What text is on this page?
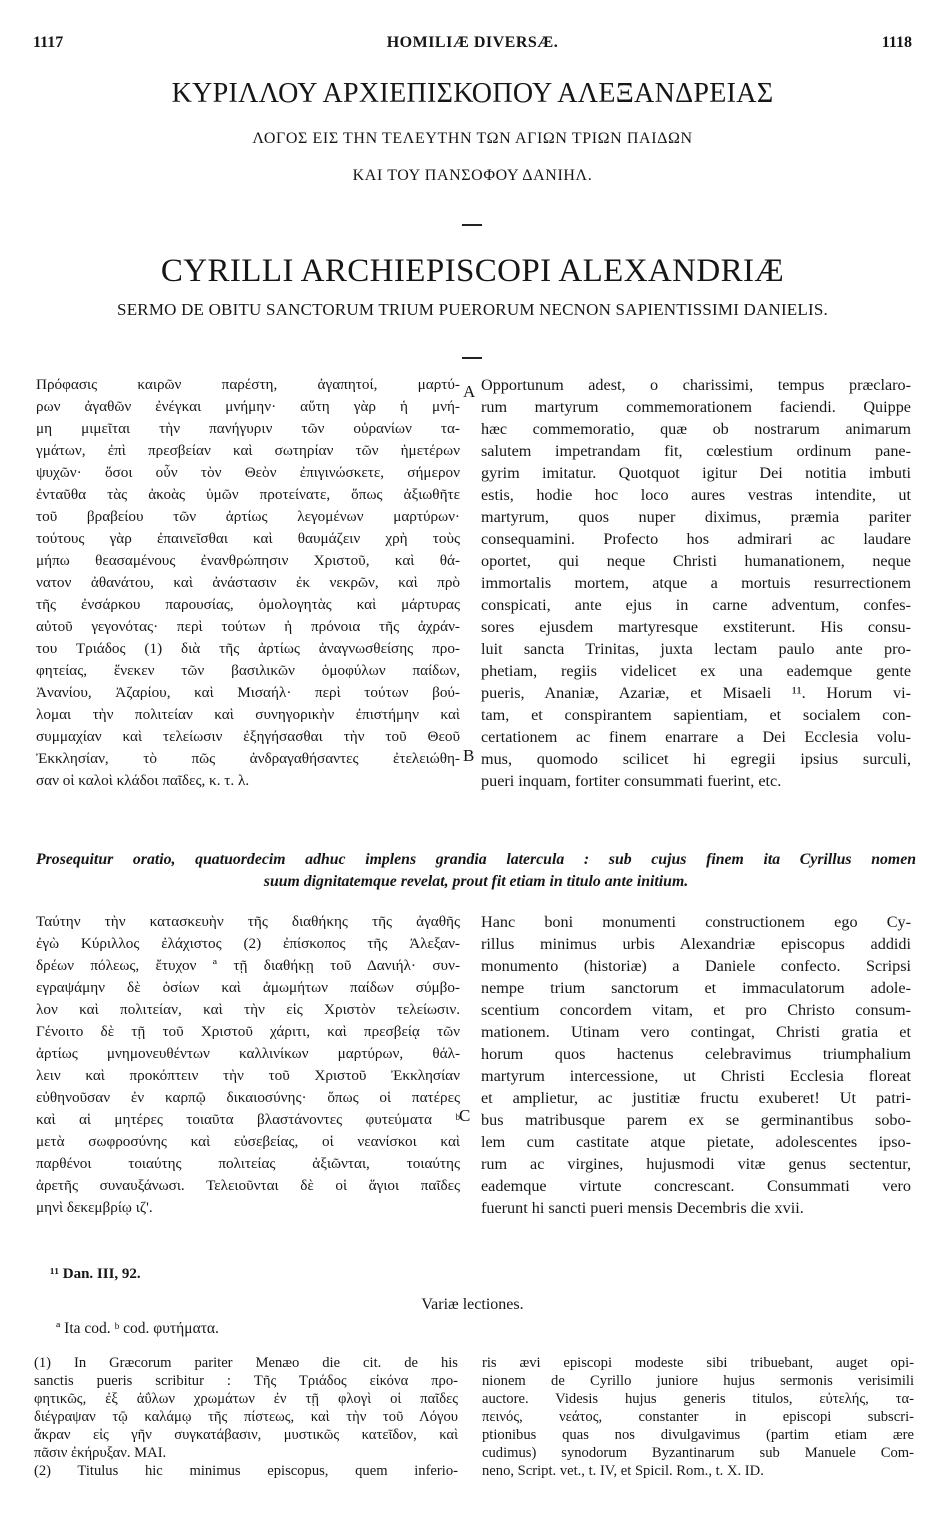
1117	HOMILIÆ DIVERSÆ.	1118
ΚΥΡΙΛΛΟΥ ΑΡΧΙΕΠΙΣΚΟΠΟΥ ΑΛΕΞΑΝΔΡΕΙΑΣ
ΛΟΓΟΣ ΕΙΣ ΤΗΝ ΤΕΛΕΥΤΗΝ ΤΩΝ ΑΓΙΩΝ ΤΡΙΩΝ ΠΑΙΔΩΝ
ΚΑΙ ΤΟΥ ΠΑΝΣΟΦΟΥ ΔΑΝΙΗΛ.
CYRILLI ARCHIEPISCOPI ALEXANDRIÆ
SERMO DE OBITU SANCTORUM TRIUM PUERORUM NECNON SAPIENTISSIMI DANIELIS.
Πρόφασις καιρῶν παρέστη, ἀγαπητοί, μαρτύ-
ρων ἀγαθῶν ἐνέγκαι μνήμην· αὕτη γὰρ ἡ μνή-
μη μιμεῖται τὴν πανήγυριν τῶν οὐρανίων τα-
γμάτων, ἐπὶ πρεσβείαν καὶ σωτηρίαν τῶν ἡμετέρων
ψυχῶν· ὅσοι οὖν τὸν Θεὸν ἐπιγινώσκετε, σήμερον
ἐνταῦθα τὰς ἀκοὰς ὑμῶν προτείνατε, ὅπως ἀξιωθῆτε
τοῦ βραβείου τῶν ἀρτίως λεγομένων μαρτύρων·
τούτους γὰρ ἐπαινεῖσθαι καὶ θαυμάζειν χρὴ τοὺς
μήπω θεασαμένους ἐνανθρώπησιν Χριστοῦ, καὶ θά-
νατον ἀθανάτου, καὶ ἀνάστασιν ἐκ νεκρῶν, καὶ πρὸ
τῆς ἐνσάρκου παρουσίας, ὁμολογητὰς καὶ μάρτυρας
αὐτοῦ γεγονότας· περὶ τούτων ἡ πρόνοια τῆς ἀχράν-
του Τριάδος (1) διὰ τῆς ἀρτίως ἀναγνωσθείσης προ-
φητείας, ἕνεκεν τῶν βασιλικῶν ὁμοφύλων παίδων,
Ἀνανίου, Ἀζαρίου, καὶ Μισαήλ· περὶ τούτων βού-
λομαι τὴν πολιτείαν καὶ συνηγορικὴν ἐπιστήμην καὶ
συμμαχίαν καὶ τελείωσιν ἐξηγήσασθαι τὴν τοῦ Θεοῦ
Ἐκκλησίαν, τὸ πῶς ἀνδραγαθήσαντες ἐτελειώθη-
σαν οἱ καλοὶ κλάδοι παῖδες, κ. τ. λ.
Opportunum adest, o charissimi, tempus præclaro-
rum martyrum commemorationem faciendi. Quippe
hæc commemoratio, quæ ob nostrarum animarum
salutem impetrandam fit, cœlestium ordinum pane-
gyrim imitatur. Quotquot igitur Dei notitia imbuti
estis, hodie hoc loco aures vestras intendite, ut
martyrum, quos nuper diximus, præmia pariter
consequamini. Profecto hos admirari ac laudare
oportet, qui neque Christi humanationem, neque
immortalis mortem, atque a mortuis resurrectionem
conspicati, ante ejus in carne adventum, confes-
sores ejusdem martyresque exstiterunt. His consu-
luit sancta Trinitas, juxta lectam paulo ante pro-
phetiam, regiis videlicet ex una eademque gente
pueris, Ananiæ, Azariæ, et Misaeli ¹¹. Horum vi-
tam, et conspirantem sapientiam, et socialem con-
certationem ac finem enarrare a Dei Ecclesia volu-
mus, quomodo scilicet hi egregii ipsius surculi,
pueri inquam, fortiter consummati fuerint, etc.
A
B
C
Prosequitur oratio, quatuordecim adhuc implens grandia latercula : sub cujus finem ita Cyrillus nomen
suum dignitatemque revelat, prout fit etiam in titulo ante initium.
Ταύτην τὴν κατασκευὴν τῆς διαθήκης τῆς ἀγαθῆς
ἐγὼ Κύριλλος ἐλάχιστος (2) ἐπίσκοπος τῆς Ἀλεξαν-
δρέων πόλεως, ἔτυχον ª τῇ διαθήκῃ τοῦ Δανιήλ· συν-
εγραψάμην δὲ ὁσίων καὶ ἀμωμήτων παίδων σύμβο-
λον καὶ πολιτείαν, καὶ τὴν εἰς Χριστὸν τελείωσιν.
Γένοιτο δὲ τῇ τοῦ Χριστοῦ χάριτι, καὶ πρεσβείᾳ τῶν
ἀρτίως μνημονευθέντων καλλινίκων μαρτύρων, θάλ-
λειν καὶ προκόπτειν τὴν τοῦ Χριστοῦ Ἐκκλησίαν
εὐθηνοῦσαν ἐν καρπῷ δικαιοσύνης· ὅπως οἱ πατέρες
καὶ αἱ μητέρες τοιαῦτα βλαστάνοντες φυτεύματα ᵇ
μετὰ σωφροσύνης καὶ εὐσεβείας, οἱ νεανίσκοι καὶ
παρθένοι τοιαύτης πολιτείας ἀξιῶνται, τοιαύτης
ἀρετῆς συναυξάνωσι. Τελειοῦνται δὲ οἱ ἅγιοι παῖδες
μηνὶ δεκεμβρίῳ ιζ'.
Hanc boni monumenti constructionem ego Cy-
rillus minimus urbis Alexandriæ episcopus addidi
monumento (historiæ) a Daniele confecto. Scripsi
nempe trium sanctorum et immaculatorum adole-
scentium concordem vitam, et pro Christo consum-
mationem. Utinam vero contingat, Christi gratia et
horum quos hactenus celebravimus triumphalium
martyrum intercessione, ut Christi Ecclesia floreat
et amplietur, ac justitiæ fructu exuberet! Ut patri-
bus matribusque parem ex se germinantibus sobo-
lem cum castitate atque pietate, adolescentes ipso-
rum ac virgines, hujusmodi vitæ genus sectentur,
eademque virtute concrescant. Consummati vero
fuerunt hi sancti pueri mensis Decembris die xvii.
¹¹ Dan. III, 92.
Variæ lectiones.
ª Ita cod. ᵇ cod. φυτήματα.
(1) In Græcorum pariter Menæo die cit. de his
sanctis pueris scribitur : Τῆς Τριάδος εἰκόνα προ-
φητικῶς, ἐξ ἀΰλων χρωμάτων ἐν τῇ φλογὶ οἱ παῖδες
διέγραψαν τῷ καλάμῳ τῆς πίστεως, καὶ τὴν τοῦ Λόγου
ἄκραν εἰς γῆν συγκατάβασιν, μυστικῶς κατεῖδον, καὶ
πᾶσιν ἐκήρυξαν. MAI.
(2) Titulus hic minimus episcopus, quem inferio-
ris ævi episcopi modeste sibi tribuebant, auget opi-
nionem de Cyrillo juniore hujus sermonis verisimili
auctore. Videsis hujus generis titulos, εὐτελής, τα-
πεινός, νεάτος, constanter in episcopi subscri-
ptionibus quas nos divulgavimus (partim etiam ære
cudimus) synodorum Byzantinarum sub Manuele Com-
neno, Script. vet., t. IV, et Spicil. Rom., t. X. ID.
